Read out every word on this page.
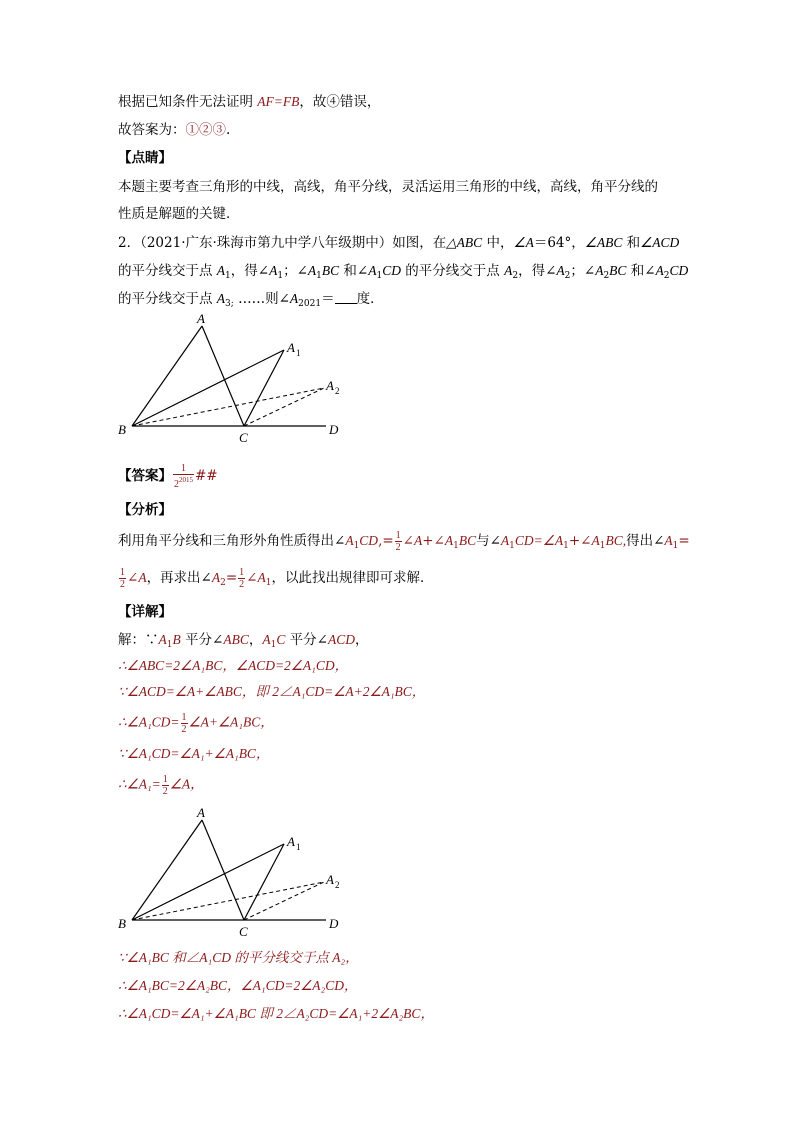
根据已知条件无法证明 AF=FB，故④错误，
故答案为：①②③.
【点睛】
本题主要考查三角形的中线，高线，角平分线，灵活运用三角形的中线，高线，角平分线的
性质是解题的关键．
2．（2021·广东·珠海市第九中学八年级期中）如图，在△ABC 中，∠A＝64°，∠ABC 和∠ACD
的平分线交于点 $A_1$，得$\angle A_1$；$\angle A_1BC$ 和$\angle A_1CD$ 的平分线交于点 $A_2$，得$\angle A_2$；$\angle A_2BC$ 和$\angle A_2CD$
的平分线交于点 $A_{3;}$ ……则$\angle A_{2021}=$ 度．
A
A 1
A 2
B
C
D
【答案】 $\frac{1}{2^{2015}}$ ##
【分析】
利用角平分线和三角形外角性质得出$\angle A_1CD,= \frac{1}{2}$ $\angle A+\angle A_1BC$与$\angle A_1CD=\angle A_1+\angle A_1BC$,得出$\angle A_1=$
$\frac{1}{2}$ ∠A，再求出$\angle A_2= \frac{1}{2}$ $\angle A_1$，以此找出规律即可求解．
【详解】
解：$\because A_1B$ 平分∠ABC，$A_1C$ 平分∠ACD，
∴∠ABC=2∠A₁BC，∠ACD=2∠A₁CD，
∵∠ACD=∠A+∠ABC，即 2∠A₁CD=∠A+2∠A₁BC，
∴∠A₁CD= $\frac{1}{2}$ ∠A+∠A₁BC，
∵∠A₁CD=∠A₁+∠A₁BC，
∴∠A₁= $\frac{1}{2}$ ∠A，
A
A 1
A 2
B
C
D
∵∠A₁BC 和∠A₁CD 的平分线交于点 A₂，
∴∠A₁BC=2∠A₂BC，∠A₁CD=2∠A₂CD，
∴∠A₁CD=∠A₁+∠A₁BC 即 2∠A₂CD=∠A₁+2∠A₂BC，
